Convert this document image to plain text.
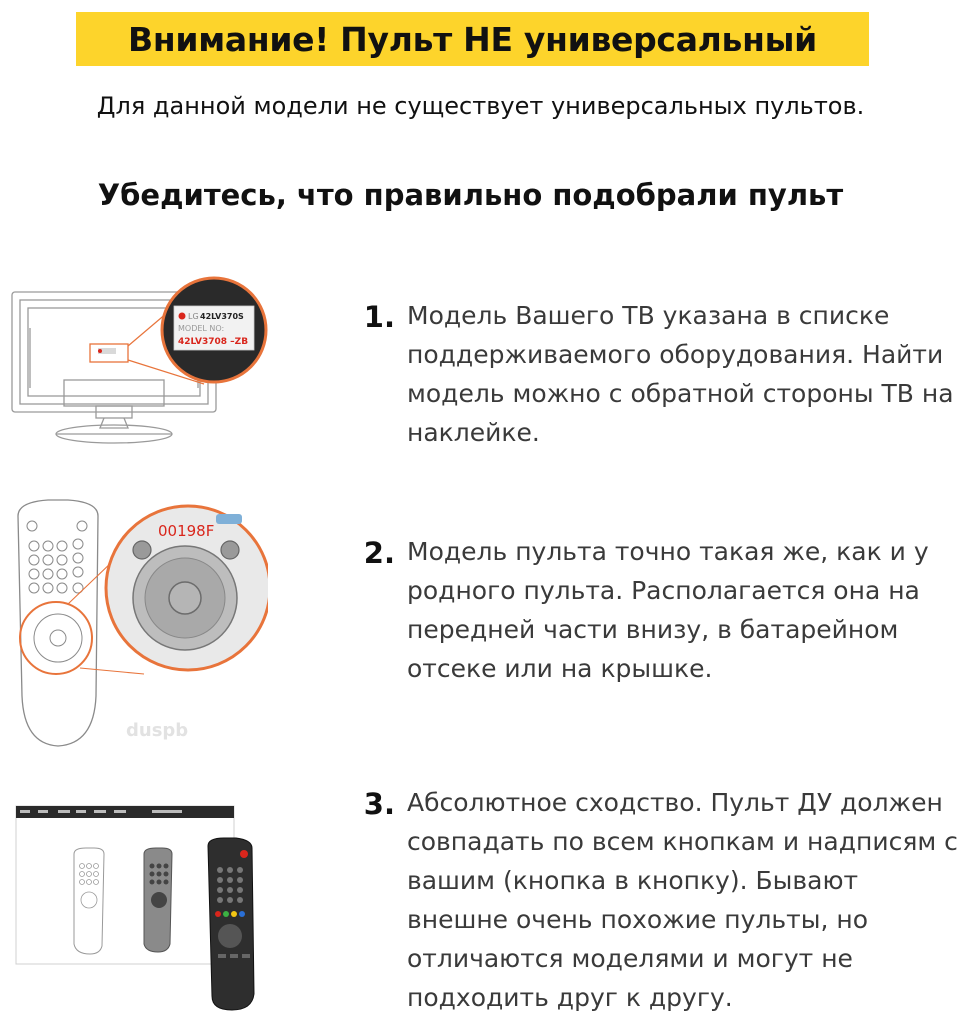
Внимание! Пульт НЕ универсальный
Для данной модели не существует универсальных пультов.
Убедитесь, что правильно подобрали пульт
LG 42LV370S
MODEL NO:
42LV3708 –ZB
1. Модель Вашего ТВ указана в списке поддерживаемого оборудования. Найти модель можно с обратной стороны ТВ на наклейке.
00198F
duspb
2. Модель пульта точно такая же, как и у родного пульта. Располагается она на передней части внизу, в батарейном отсеке или на крышке.
3. Абсолютное сходство. Пульт ДУ должен совпадать по всем кнопкам и надписям с вашим (кнопка в кнопку). Бывают внешне очень похожие пульты, но отличаются моделями и могут не подходить друг к другу.
